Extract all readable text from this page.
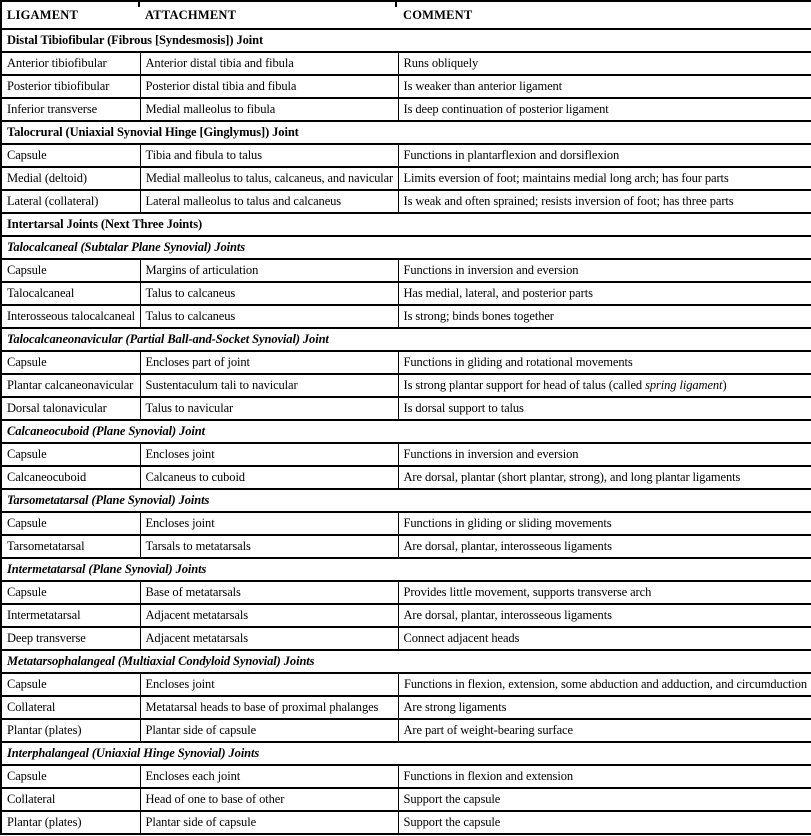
LIGAMENT	ATTACHMENT	COMMENT
Distal Tibiofibular (Fibrous [Syndesmosis]) Joint		
Anterior tibiofibular	Anterior distal tibia and fibula	Runs obliquely
Posterior tibiofibular	Posterior distal tibia and fibula	Is weaker than anterior ligament
Inferior transverse	Medial malleolus to fibula	Is deep continuation of posterior ligament
Talocrural (Uniaxial Synovial Hinge [Ginglymus]) Joint		
Capsule	Tibia and fibula to talus	Functions in plantarflexion and dorsiflexion
Medial (deltoid)	Medial malleolus to talus, calcaneus, and navicular	Limits eversion of foot; maintains medial long arch; has four parts
Lateral (collateral)	Lateral malleolus to talus and calcaneus	Is weak and often sprained; resists inversion of foot; has three parts
Intertarsal Joints (Next Three Joints)		
Talocalcaneal (Subtalar Plane Synovial) Joints		
Capsule	Margins of articulation	Functions in inversion and eversion
Talocalcaneal	Talus to calcaneus	Has medial, lateral, and posterior parts
Interosseous talocalcaneal	Talus to calcaneus	Is strong; binds bones together
Talocalcaneonavicular (Partial Ball-and-Socket Synovial) Joint		
Capsule	Encloses part of joint	Functions in gliding and rotational movements
Plantar calcaneonavicular	Sustentaculum tali to navicular	Is strong plantar support for head of talus (called spring ligament)
Dorsal talonavicular	Talus to navicular	Is dorsal support to talus
Calcaneocuboid (Plane Synovial) Joint		
Capsule	Encloses joint	Functions in inversion and eversion
Calcaneocuboid	Calcaneus to cuboid	Are dorsal, plantar (short plantar, strong), and long plantar ligaments
Tarsometatarsal (Plane Synovial) Joints		
Capsule	Encloses joint	Functions in gliding or sliding movements
Tarsometatarsal	Tarsals to metatarsals	Are dorsal, plantar, interosseous ligaments
Intermetatarsal (Plane Synovial) Joints		
Capsule	Base of metatarsals	Provides little movement, supports transverse arch
Intermetatarsal	Adjacent metatarsals	Are dorsal, plantar, interosseous ligaments
Deep transverse	Adjacent metatarsals	Connect adjacent heads
Metatarsophalangeal (Multiaxial Condyloid Synovial) Joints		
Capsule	Encloses joint	Functions in flexion, extension, some abduction and adduction, and circumduction
Collateral	Metatarsal heads to base of proximal phalanges	Are strong ligaments
Plantar (plates)	Plantar side of capsule	Are part of weight-bearing surface
Interphalangeal (Uniaxial Hinge Synovial) Joints		
Capsule	Encloses each joint	Functions in flexion and extension
Collateral	Head of one to base of other	Support the capsule
Plantar (plates)	Plantar side of capsule	Support the capsule
